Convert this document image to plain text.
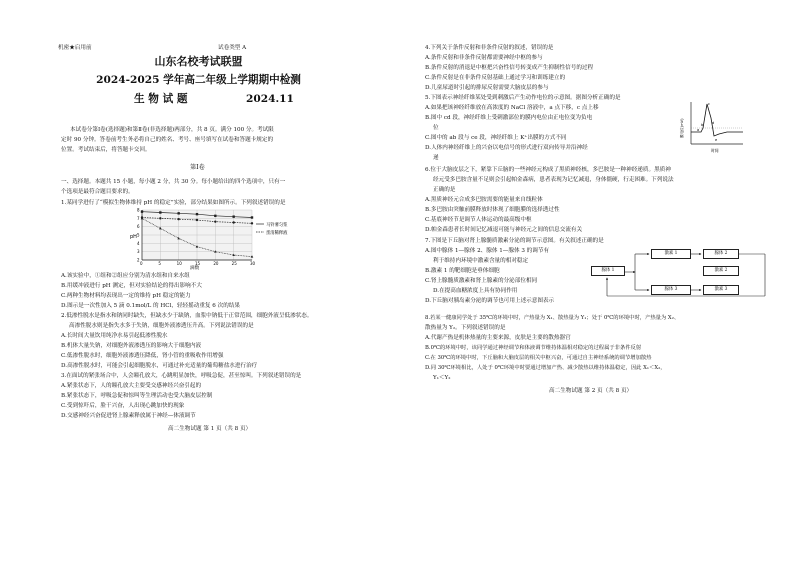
机密★启用前	试卷类型 A
山东名校考试联盟
2024-2025 学年高二年级上学期期中检测
生 物 试 题	2024.11
本试卷分第Ⅰ卷(选择题)和第Ⅱ卷(非选择题)两部分，共 8 页。满分 100 分。考试限
定时 90 分钟。答卷前考生务必将自己的姓名、考号、座号填写在试卷和答题卡规定的
位置。考试结束后，将答题卡交回。
第Ⅰ卷
一、选择题。本题共 15 小题，每小题 2 分，共 30 分。每小题给出的四个选项中，只有一
个选项是最符合题目要求的。
1.某同学进行了“模拟生物体维持 pH 的稳定”实验，部分结果如图所示。下列叙述错误的是
8
7
6
5
4
3
2
0	5	10	15	20	25	30
pH
滴数
马铃薯匀浆
蛋清稀释液
A.该实验中，①组和②组应分别为清水组和自来水组
B.用缓冲液进行 pH 测定，但对实验结论的得出影响不大
C.两种生物材料均表现出一定的维持 pH 稳定的能力
D.图示是一次性加入 5 滴 0.1mol/L 的 HCl，轻轻摇动重复 6 次的结果
2.低渗性脱水是指水和钠同时缺失，但缺水少于缺钠，血浆中钠低于正常范围，细胞外液呈低渗状态。
高渗性脱水则是指失水多于失钠，细胞外液渗透压升高。下列说法错误的是
A.长时间大量饮用纯净水易引起低渗性脱水
B.机体大量失钠，对细胞外液渗透压的影响大于细胞内液
C.低渗性脱水时，细胞外液渗透压降低，肾小管的重吸收作用增强
D.高渗性脱水时，可能会引起细胞脱水，可通过补充适量的葡萄糖盐水进行治疗
3.在面试的紧张场合中，人会瞳孔放大，心跳明显加快，呼吸急促，甚至惊叫。下列叙述错误的是
A.紧张状态下，人的瞳孔放大主要受交感神经兴奋引起的
B.紧张状态下，呼吸急促和惊叫等生理活动也受大脑皮层控制
C.受到惊吓后，脸干兴奋，人出现心跳加快的现象
D.交感神经兴奋促进肾上腺素释放属于神经—体液调节
高二生物试题 第 1 页（共 8 页）
4.下列关于条件反射和非条件反射的叙述，错误的是
A.条件反射和非条件反射都需要神经中枢的参与
B.条件反射的消退是中枢把兴奋性信号转变成产生抑制性信号的过程
C.条件反射是在非条件反射基础上通过学习和训练建立的
D.儿童尿道时引起的排尿反射需要大脑皮层的参与
5.下图表示神经纤维某处受到刺激后产生动作电位的示意图。据图分析正确的是
A.如果把该神经纤维放在高浓度的 NaCl 溶液中，a 点下移，c 点上移
B.图中 cd 段，神经纤维上受刺激部位的膜内电位由正电位变为负电
位
C.图中的 ab 段与 ce 段，神经纤维上 K⁺出膜的方式不同
D.人体内神经纤维上的兴奋以电信号的形式进行双向传导并沿神经
递
a
b
c
d
e
膜电位(mV)
时间
6.位于大脑皮层之下，紧靠下丘脑的一些神经元构成了黑质神经核，多巴胺是一种神经递质。黑质神
经元受多巴胺含量不足则会引起帕金森病，患者表现为记忆减退，身体僵硬，行走困难。下列说法
正确的是
A.黑质神经元合成多巴胺需要的能量来自线粒体
B.多巴胺由突触前膜释放时体现了细胞膜的选择透过性
C.基底神经节是调节人体运动的最高级中枢
D.帕金森患者长时间记忆减退可能与神经元之间的信息交流有关
7.下图是下丘脑对肾上腺髓质激素分泌的调节示意图。有关叙述正确的是
A.图中腺体 1—腺体 2、腺体 1—腺体 3 的调节有
利于维持内环境中激素含量的相对稳定
B.激素 1 的靶细胞是垂体细胞
C.肾上腺髓质激素和肾上腺素的分泌部位相同
D.在提高血糖浓度上具有协同作用
D.下丘脑对胰岛素分泌的调节也可用上述示意图表示
腺体 1
激素 1	腺体 2
激素 2
腺体 3	激素 3
8.若某一健康同学处于 35℃的环境中时，产热量为 X₁、散热量为 Y₁；处于 0℃的环境中时，产热量为 X₂、
散热量为 Y₂。下列叙述错误的是
A.代谢产热是机体热量的主要来源，皮肤是主要的散热器官
B.0℃的环境中时，该同学通过神经调节和体液调节维持体温相对稳定的过程属于非条件反射
C.在 30℃的环境中时，下丘脑和大脑皮层的相关中枢兴奋，可通过自主神经系统的调节增加散热
D.同 30℃环境相比，人处于 0℃环境中时要通过增加产热、减少散热以维持体温稳定，因此 X₁＜X₂，
Y₁＜Y₂
高二生物试题 第 2 页（共 8 页）
